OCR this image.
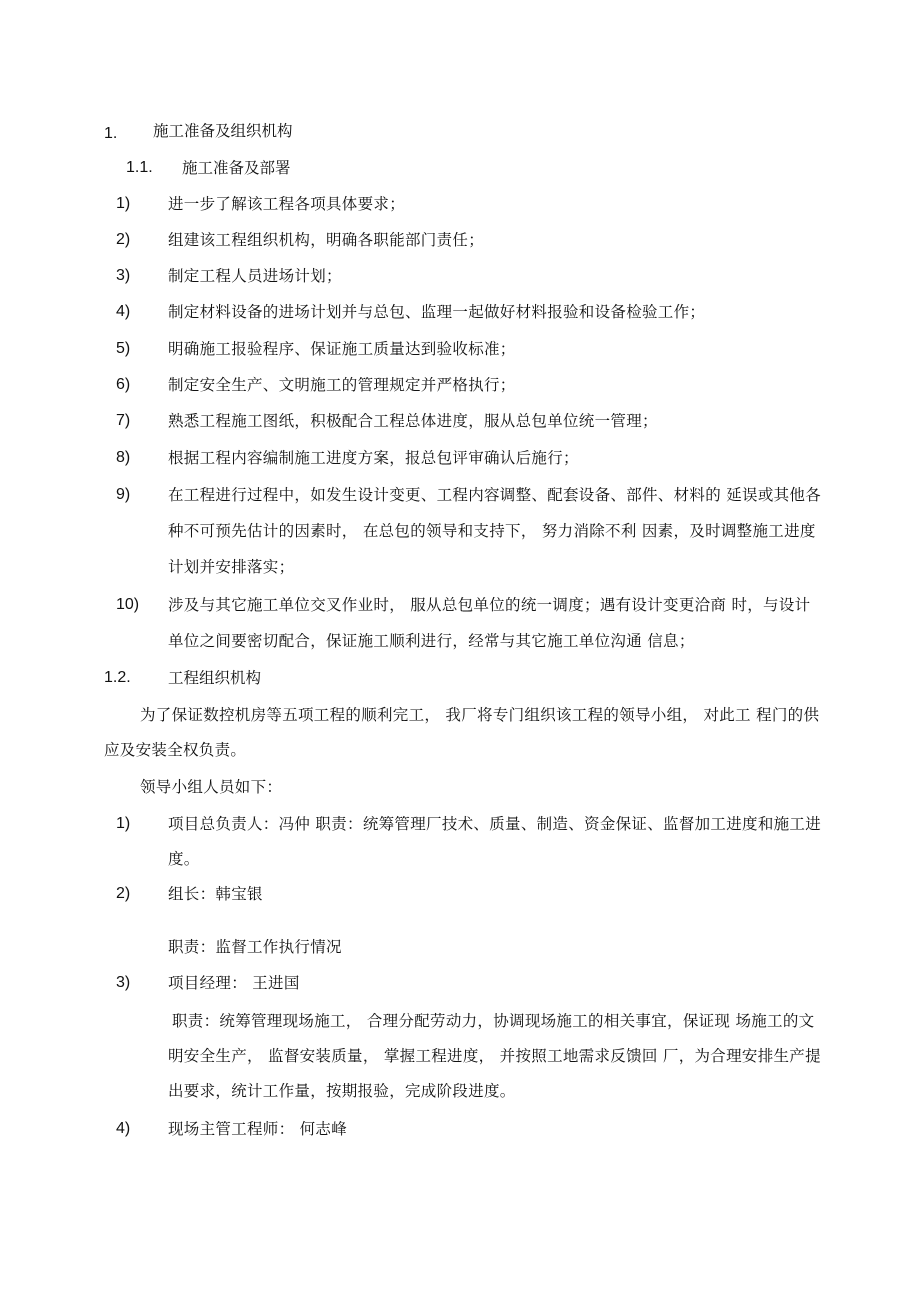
1. 施工准备及组织机构
1.1. 施工准备及部署
1) 进一步了解该工程各项具体要求；
2) 组建该工程组织机构，明确各职能部门责任；
3) 制定工程人员进场计划；
4) 制定材料设备的进场计划并与总包、监理一起做好材料报验和设备检验工作；
5) 明确施工报验程序、保证施工质量达到验收标准；
6) 制定安全生产、文明施工的管理规定并严格执行；
7) 熟悉工程施工图纸，积极配合工程总体进度，服从总包单位统一管理；
8) 根据工程内容编制施工进度方案，报总包评审确认后施行；
9) 在工程进行过程中，如发生设计变更、工程内容调整、配套设备、部件、材料的 延误或其他各
种不可预先估计的因素时， 在总包的领导和支持下， 努力消除不利 因素，及时调整施工进度
计划并安排落实；
10) 涉及与其它施工单位交叉作业时， 服从总包单位的统一调度；遇有设计变更洽商 时，与设计
单位之间要密切配合，保证施工顺利进行，经常与其它施工单位沟通 信息；
1.2. 工程组织机构
为了保证数控机房等五项工程的顺利完工， 我厂将专门组织该工程的领导小组， 对此工 程门的供
应及安装全权负责。
领导小组人员如下：
1) 项目总负责人：冯仲 职责：统筹管理厂技术、质量、制造、资金保证、监督加工进度和施工进
度。
2) 组长：韩宝银
职责：监督工作执行情况
3) 项目经理： 王进国
职责：统筹管理现场施工， 合理分配劳动力，协调现场施工的相关事宜，保证现 场施工的文
明安全生产， 监督安装质量， 掌握工程进度， 并按照工地需求反馈回 厂，为合理安排生产提
出要求，统计工作量，按期报验，完成阶段进度。
4) 现场主管工程师： 何志峰
